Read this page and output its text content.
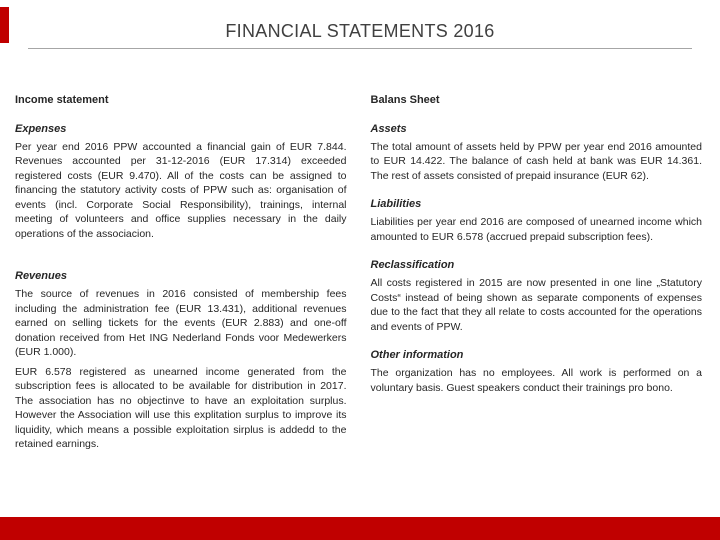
FINANCIAL STATEMENTS 2016
Income statement
Expenses

Per year end 2016 PPW accounted a financial gain of EUR 7.844. Revenues accounted per 31-12-2016 (EUR 17.314) exceeded registered costs (EUR 9.470). All of the costs can be assigned to financing the statutory activity costs of PPW such as: organisation of events (incl. Corporate Social Responsibility), trainings, internal meeting of volunteers and office supplies necessary in the daily operations of the associacion.

Revenues

The source of revenues in 2016 consisted of membership fees including the administration fee (EUR 13.431), additional revenues earned on selling tickets for the events (EUR 2.883) and one-off donation received from Het ING Nederland Fonds voor Medewerkers (EUR 1.000).

EUR 6.578 registered as unearned income generated from the subscription fees is allocated to be available for distribution in 2017. The association has no objectinve to have an exploitation surplus. However the Association will use this explitation surplus to improve its liquidity, which means a possible exploitation sirplus is addedd to the retained earnings.

Balans Sheet
Assets

The total amount of assets held by PPW per year end 2016 amounted to EUR 14.422. The balance of cash held at bank was EUR 14.361. The rest of assets consisted of prepaid insurance (EUR 62).

Liabilities

Liabilities per year end 2016 are composed of unearned income which amounted to EUR 6.578 (accrued prepaid subscription fees).

Reclassification

All costs registered in 2015 are now presented in one line „Statutory Costs“ instead of being shown as separate components of expenses due to the fact that they all relate to costs accounted for the operations and events of PPW.

Other information

The organization has no employees. All work is performed on a voluntary basis. Guest speakers conduct their trainings pro bono.
